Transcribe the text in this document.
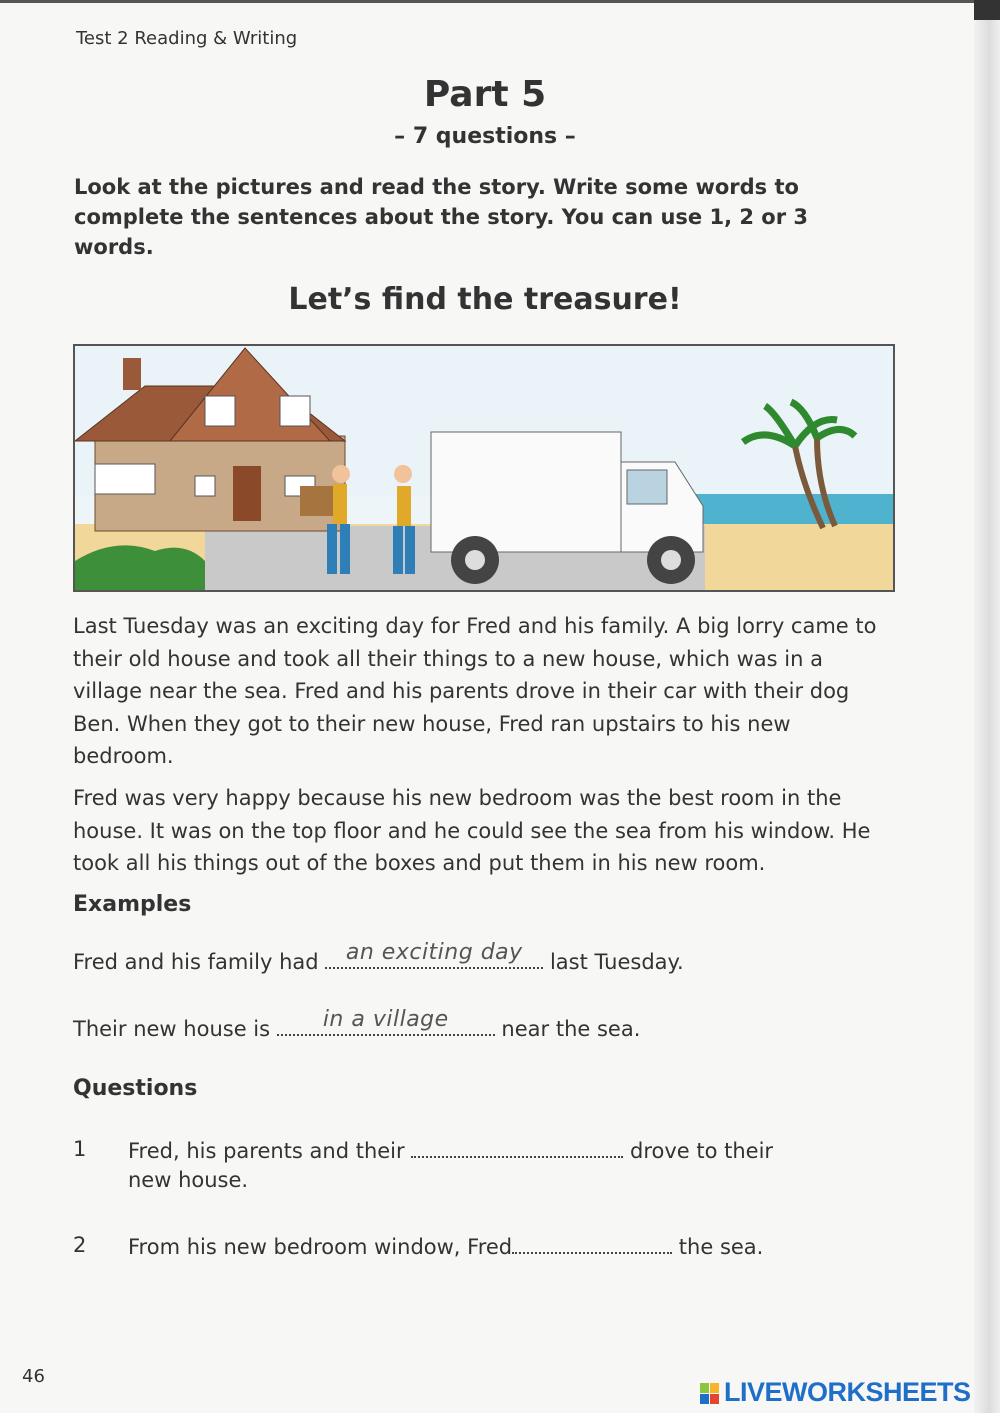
Test 2 Reading & Writing
Part 5
– 7 questions –
Look at the pictures and read the story. Write some words to complete the sentences about the story. You can use 1, 2 or 3 words.
Let’s find the treasure!
Last Tuesday was an exciting day for Fred and his family. A big lorry came to their old house and took all their things to a new house, which was in a village near the sea. Fred and his parents drove in their car with their dog Ben. When they got to their new house, Fred ran upstairs to his new bedroom.
Fred was very happy because his new bedroom was the best room in the house. It was on the top floor and he could see the sea from his window. He took all his things out of the boxes and put them in his new room.
Examples
Fred and his family had an exciting day last Tuesday.
Their new house is	in a village	near the sea.
Questions
1 Fred, his parents and their	drove to their
new house.
2 From his new bedroom window, Fred	the sea.
46
LIVEWORKSHEETS
